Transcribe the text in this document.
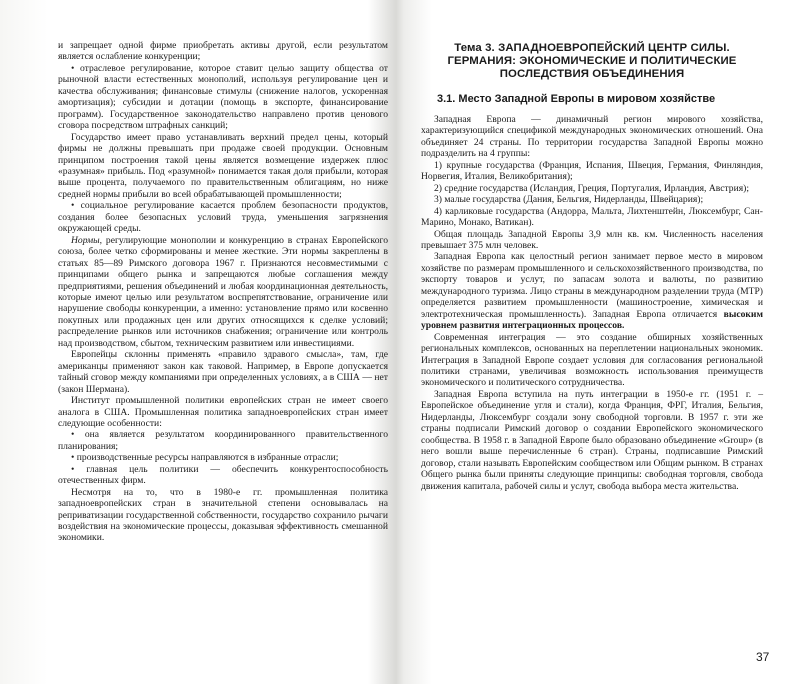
и запрещает одной фирме приобретать активы другой, если результатом является ослабление конкуренции;

• отраслевое регулирование, которое ставит целью защиту общества от рыночной власти естественных монополий, используя регулирование цен и качества обслуживания; финансовые стимулы (снижение налогов, ускоренная амортизация); субсидии и дотации (помощь в экспорте, финансирование программ). Государственное законодательство направлено против ценового сговора посредством штрафных санкций;

Государство имеет право устанавливать верхний предел цены, который фирмы не должны превышать при продаже своей продукции. Основным принципом построения такой цены является возмещение издержек плюс «разумная» прибыль. Под «разумной» понимается такая доля прибыли, которая выше процента, получаемого по правительственным облигациям, но ниже средней нормы прибыли во всей обрабатывающей промышленности;

• социальное регулирование касается проблем безопасности продуктов, создания более безопасных условий труда, уменьшения загрязнения окружающей среды.

Нормы, регулирующие монополии и конкуренцию в странах Европейского союза, более четко сформированы и менее жесткие. Эти нормы закреплены в статьях 85—89 Римского договора 1967 г. Признаются несовместимыми с принципами общего рынка и запрещаются любые соглашения между предприятиями, решения объединений и любая координационная деятельность, которые имеют целью или результатом воспрепятствование, ограничение или нарушение свободы конкуренции, а именно: установление прямо или косвенно покупных или продажных цен или других относящихся к сделке условий; распределение рынков или источников снабжения; ограничение или контроль над производством, сбытом, техническим развитием или инвестициями.

Европейцы склонны применять «правило здравого смысла», там, где американцы применяют закон как таковой. Например, в Европе допускается тайный сговор между компаниями при определенных условиях, а в США — нет (закон Шермана).

Институт промышленной политики европейских стран не имеет своего аналога в США. Промышленная политика западноевропейских стран имеет следующие особенности:

• она является результатом координированного правительственного планирования;

• производственные ресурсы направляются в избранные отрасли;

• главная цель политики — обеспечить конкурентоспособность отечественных фирм.

Несмотря на то, что в 1980-е гг. промышленная политика западноевропейских стран в значительной степени основывалась на реприватизации государственной собственности, государство сохранило рычаги воздействия на экономические процессы, доказывая эффективность смешанной экономики.

Тема 3. ЗАПАДНОЕВРОПЕЙСКИЙ ЦЕНТР СИЛЫ. ГЕРМАНИЯ: ЭКОНОМИЧЕСКИЕ И ПОЛИТИЧЕСКИЕ ПОСЛЕДСТВИЯ ОБЪЕДИНЕНИЯ
3.1. Место Западной Европы в мировом хозяйстве

Западная Европа — динамичный регион мирового хозяйства, характеризующийся спецификой международных экономических отношений. Она объединяет 24 страны. По территории государства Западной Европы можно подразделить на 4 группы:

1) крупные государства (Франция, Испания, Швеция, Германия, Финляндия, Норвегия, Италия, Великобритания);

2) средние государства (Исландия, Греция, Португалия, Ирландия, Австрия);

3) малые государства (Дания, Бельгия, Нидерланды, Швейцария);

4) карликовые государства (Андорра, Мальта, Лихтенштейн, Люксембург, Сан-Марино, Монако, Ватикан).

Общая площадь Западной Европы 3,9 млн кв. км. Численность населения превышает 375 млн человек.

Западная Европа как целостный регион занимает первое место в мировом хозяйстве по размерам промышленного и сельскохозяйственного производства, по экспорту товаров и услут, по запасам золота и валюты, по развитию международного туризма. Лицо страны в международном разделении труда (МТР) определяется развитием промышленности (машиностроение, химическая и электротехническая промышленность). Западная Европа отличается высоким уровнем развития интеграционных процессов.

Современная интеграция — это создание обширных хозяйственных региональных комплексов, основанных на переплетении национальных экономик. Интеграция в Западной Европе создает условия для согласования региональной политики странами, увеличивая возможность использования преимуществ экономического и политического сотрудничества.

Западная Европа вступила на путь интеграции в 1950-е гг. (1951 г. – Европейское объединение угля и стали), когда Франция, ФРГ, Италия, Бельгия, Нидерланды, Люксембург создали зону свободной торговли. В 1957 г. эти же страны подписали Римский договор о создании Европейского экономического сообщества. В 1958 г. в Западной Европе было образовано объединение «Group» (в него вошли выше перечисленные 6 стран). Страны, подписавшие Римский договор, стали называть Европейским сообществом или Общим рынком. В странах Общего рынка были приняты следующие принципы: свободная торговля, свобода движения капитала, рабочей силы и услут, свобода выбора места жительства.

37
